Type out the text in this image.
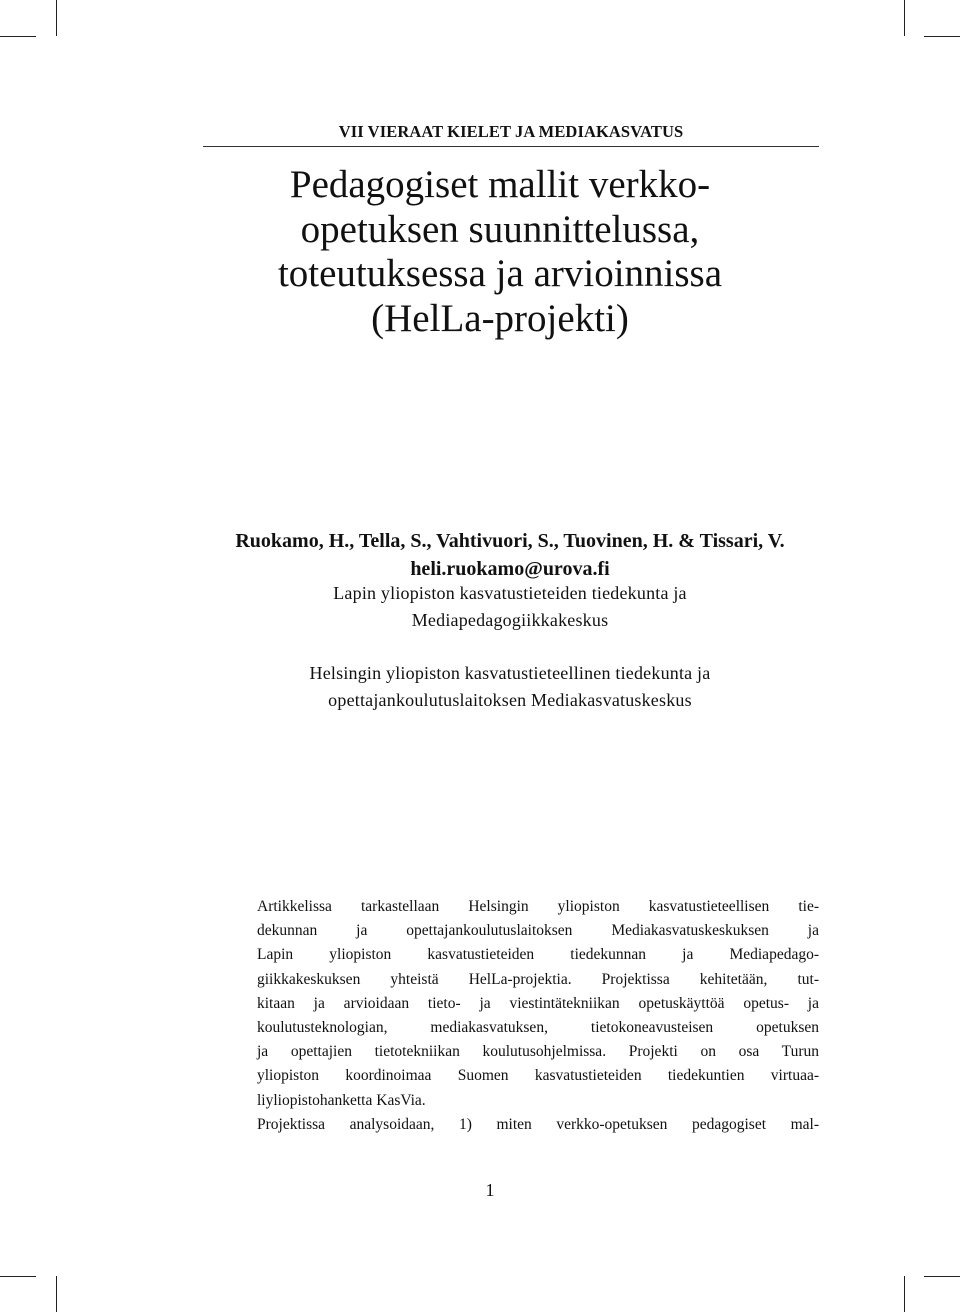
VII VIERAAT KIELET JA MEDIAKASVATUS
Pedagogiset mallit verkko-
opetuksen suunnittelussa,
toteutuksessa ja arvioinnissa
(HelLa-projekti)
Ruokamo, H., Tella, S., Vahtivuori, S., Tuovinen, H. & Tissari, V.
heli.ruokamo@urova.fi
Lapin yliopiston kasvatustieteiden tiedekunta ja
Mediapedagogiikkakeskus
Helsingin yliopiston kasvatustieteellinen tiedekunta ja
opettajankoulutuslaitoksen Mediakasvatuskeskus
Artikkelissa tarkastellaan Helsingin yliopiston kasvatustieteellisen tie-
dekunnan ja opettajankoulutuslaitoksen Mediakasvatuskeskuksen ja
Lapin yliopiston kasvatustieteiden tiedekunnan ja Mediapedago-
giikkakeskuksen yhteistä HelLa-projektia. Projektissa kehitetään, tut-
kitaan ja arvioidaan tieto- ja viestintätekniikan opetuskäyttöä opetus- ja
koulutusteknologian, mediakasvatuksen, tietokoneavusteisen opetuksen
ja opettajien tietotekniikan koulutusohjelmissa. Projekti on osa Turun
yliopiston koordinoimaa Suomen kasvatustieteiden tiedekuntien virtuaa-
liyliopistohanketta KasVia.
Projektissa analysoidaan, 1) miten verkko-opetuksen pedagogiset mal-
1
